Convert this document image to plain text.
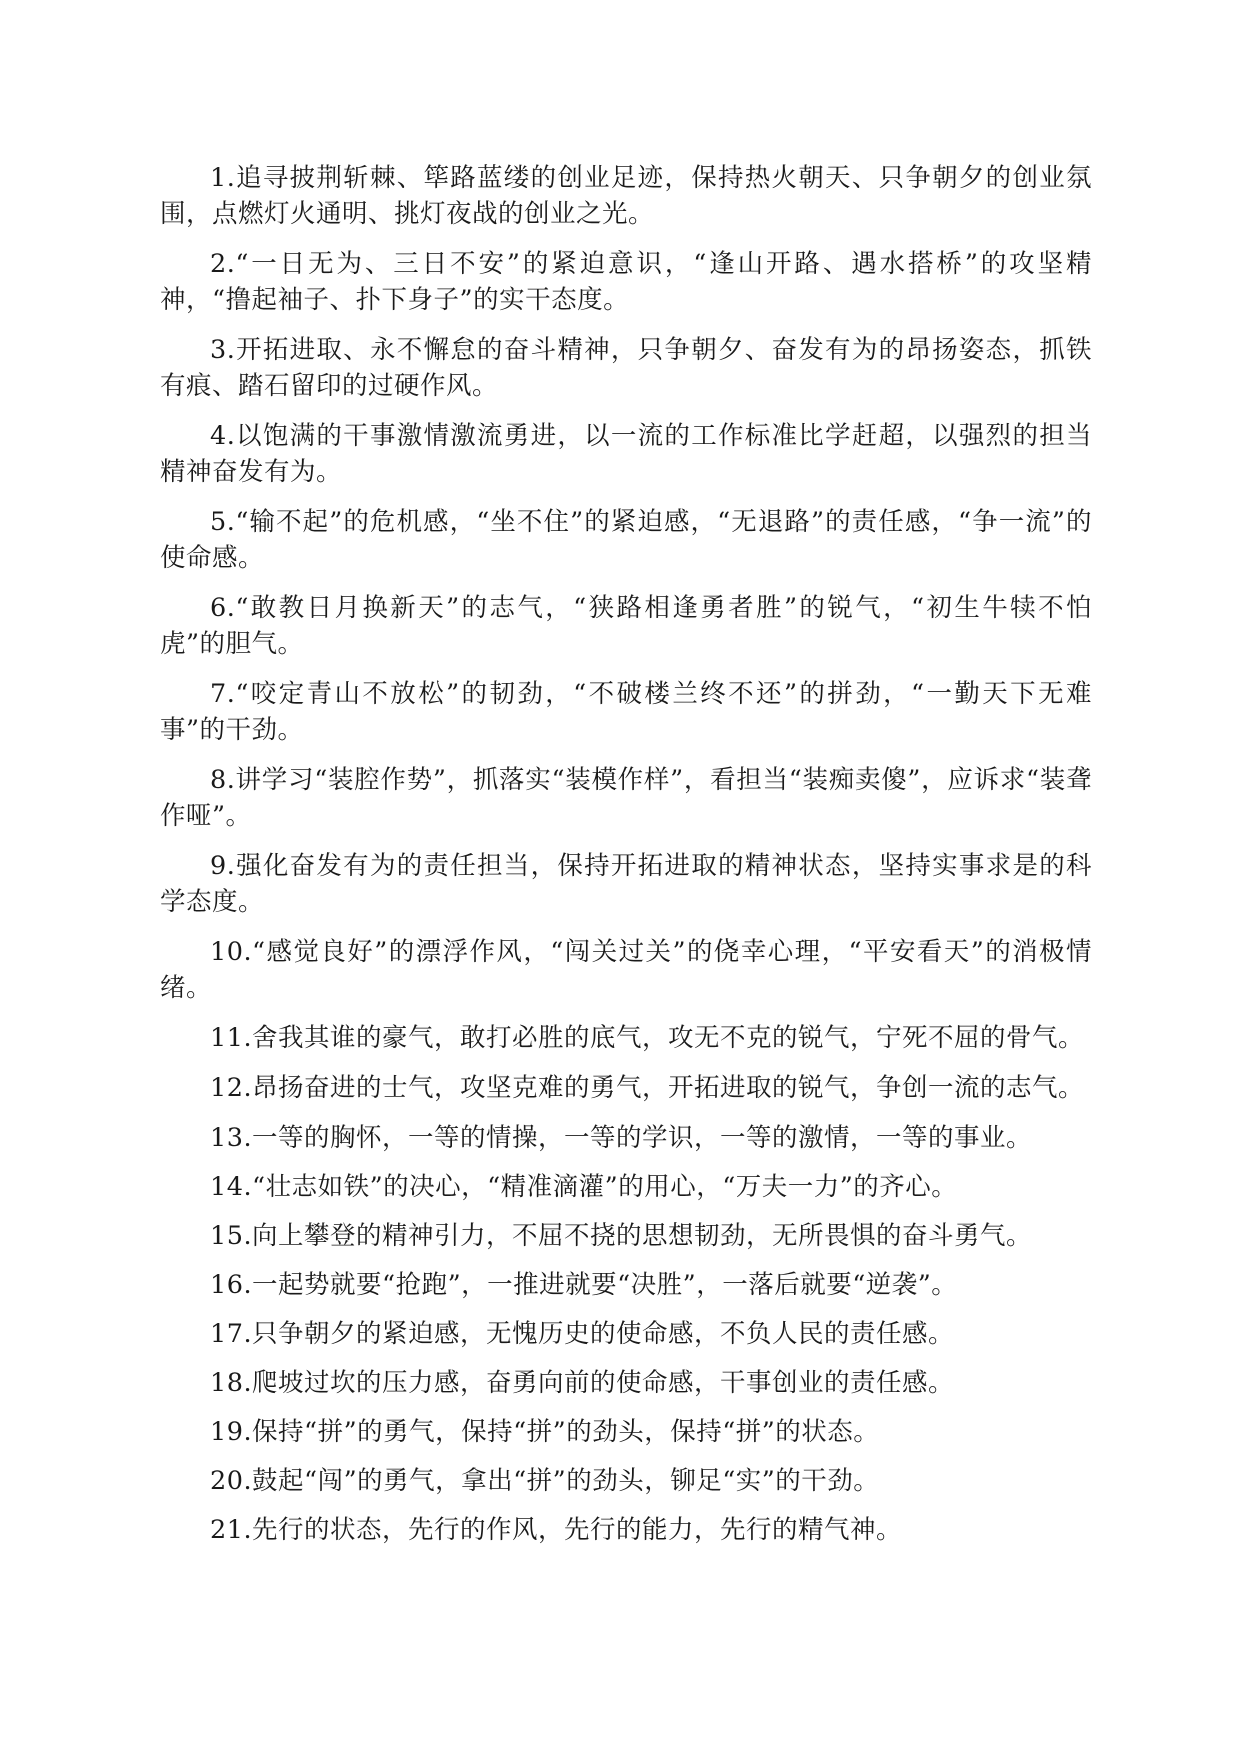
1.追寻披荆斩棘、筚路蓝缕的创业足迹，保持热火朝天、只争朝夕的创业氛围，点燃灯火通明、挑灯夜战的创业之光。

2.“一日无为、三日不安”的紧迫意识，“逢山开路、遇水搭桥”的攻坚精神，“撸起袖子、扑下身子”的实干态度。

3.开拓进取、永不懈怠的奋斗精神，只争朝夕、奋发有为的昂扬姿态，抓铁有痕、踏石留印的过硬作风。

4.以饱满的干事激情激流勇进，以一流的工作标准比学赶超，以强烈的担当精神奋发有为。

5.“输不起”的危机感，“坐不住”的紧迫感，“无退路”的责任感，“争一流”的使命感。

6.“敢教日月换新天”的志气，“狭路相逢勇者胜”的锐气，“初生牛犊不怕虎”的胆气。

7.“咬定青山不放松”的韧劲，“不破楼兰终不还”的拼劲，“一勤天下无难事”的干劲。

8.讲学习“装腔作势”，抓落实“装模作样”，看担当“装痴卖傻”，应诉求“装聋作哑”。

9.强化奋发有为的责任担当，保持开拓进取的精神状态，坚持实事求是的科学态度。

10.“感觉良好”的漂浮作风，“闯关过关”的侥幸心理，“平安看天”的消极情绪。

11.舍我其谁的豪气，敢打必胜的底气，攻无不克的锐气，宁死不屈的骨气。

12.昂扬奋进的士气，攻坚克难的勇气，开拓进取的锐气，争创一流的志气。

13.一等的胸怀，一等的情操，一等的学识，一等的激情，一等的事业。

14.“壮志如铁”的决心，“精准滴灌”的用心，“万夫一力”的齐心。

15.向上攀登的精神引力，不屈不挠的思想韧劲，无所畏惧的奋斗勇气。

16.一起势就要“抢跑”，一推进就要“决胜”，一落后就要“逆袭”。

17.只争朝夕的紧迫感，无愧历史的使命感，不负人民的责任感。

18.爬坡过坎的压力感，奋勇向前的使命感，干事创业的责任感。

19.保持“拼”的勇气，保持“拼”的劲头，保持“拼”的状态。

20.鼓起“闯”的勇气，拿出“拼”的劲头，铆足“实”的干劲。

21.先行的状态，先行的作风，先行的能力，先行的精气神。
